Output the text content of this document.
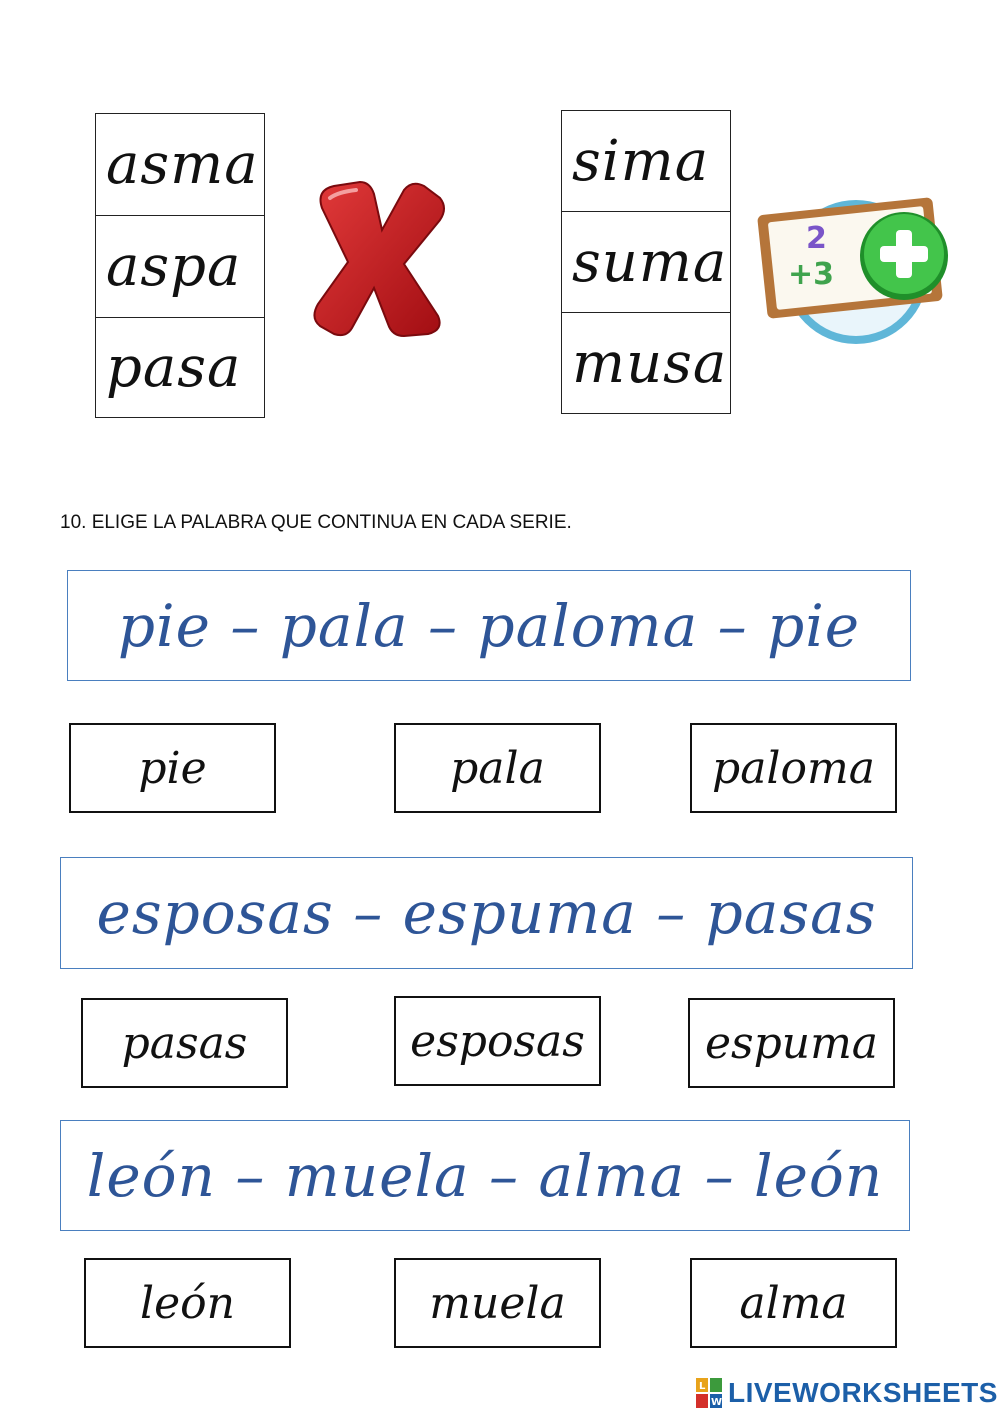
asma
aspa
pasa
sima
suma
musa
2
+3
10. ELIGE LA PALABRA QUE CONTINUA EN CADA SERIE.
pie – pala – paloma – pie
pie	pala	paloma
esposas – espuma – pasas
pasas	esposas	espuma
león – muela – alma – león
león	muela	alma
L
W LIVEWORKSHEETS
